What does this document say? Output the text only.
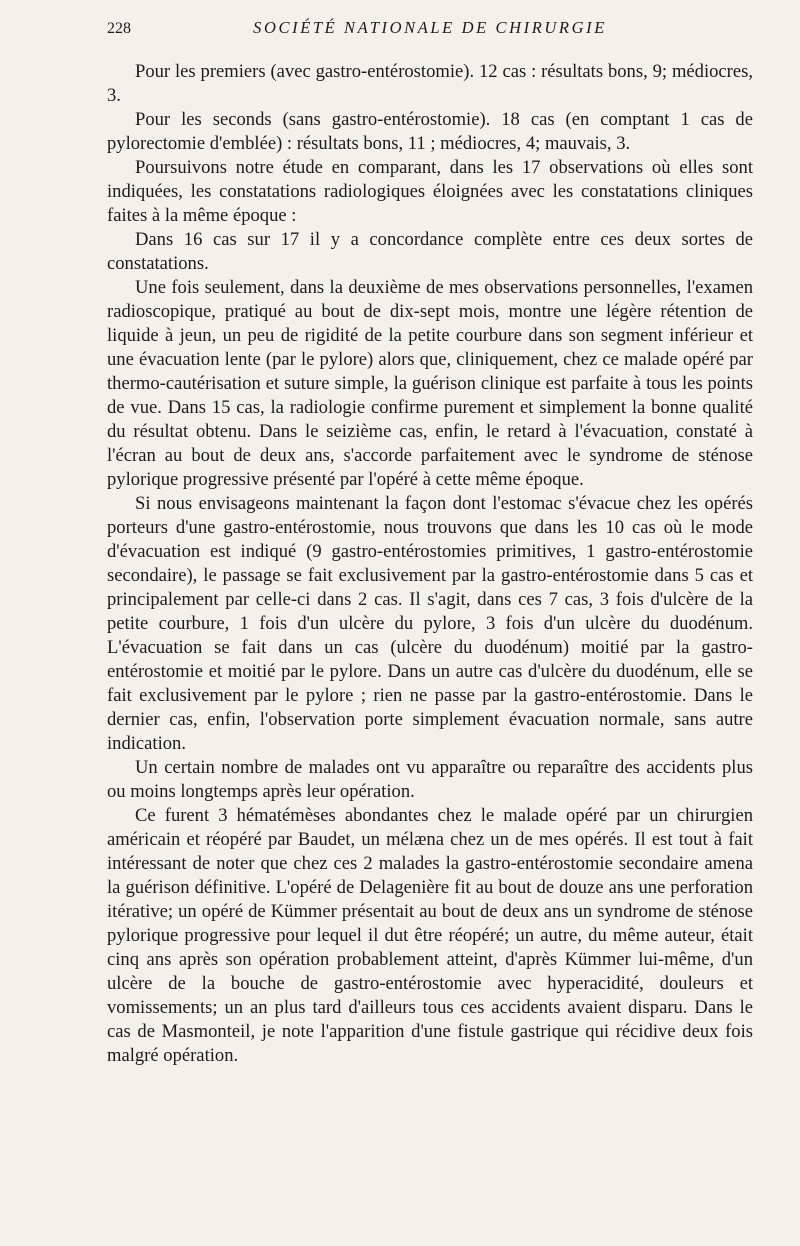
228	SOCIÉTÉ NATIONALE DE CHIRURGIE

Pour les premiers (avec gastro-entérostomie). 12 cas : résultats bons, 9; médiocres, 3.

Pour les seconds (sans gastro-entérostomie). 18 cas (en comptant 1 cas de pylorectomie d'emblée) : résultats bons, 11 ; médiocres, 4; mauvais, 3.

Poursuivons notre étude en comparant, dans les 17 observations où elles sont indiquées, les constatations radiologiques éloignées avec les constatations cliniques faites à la même époque :

Dans 16 cas sur 17 il y a concordance complète entre ces deux sortes de constatations.

Une fois seulement, dans la deuxième de mes observations personnelles, l'examen radioscopique, pratiqué au bout de dix-sept mois, montre une légère rétention de liquide à jeun, un peu de rigidité de la petite courbure dans son segment inférieur et une évacuation lente (par le pylore) alors que, cliniquement, chez ce malade opéré par thermo-cautérisation et suture simple, la guérison clinique est parfaite à tous les points de vue. Dans 15 cas, la radiologie confirme purement et simplement la bonne qualité du résultat obtenu. Dans le seizième cas, enfin, le retard à l'évacuation, constaté à l'écran au bout de deux ans, s'accorde parfaitement avec le syndrome de sténose pylorique progressive présenté par l'opéré à cette même époque.

Si nous envisageons maintenant la façon dont l'estomac s'évacue chez les opérés porteurs d'une gastro-entérostomie, nous trouvons que dans les 10 cas où le mode d'évacuation est indiqué (9 gastro-entérostomies primitives, 1 gastro-entérostomie secondaire), le passage se fait exclusivement par la gastro-entérostomie dans 5 cas et principalement par celle-ci dans 2 cas. Il s'agit, dans ces 7 cas, 3 fois d'ulcère de la petite courbure, 1 fois d'un ulcère du pylore, 3 fois d'un ulcère du duodénum. L'évacuation se fait dans un cas (ulcère du duodénum) moitié par la gastro-entérostomie et moitié par le pylore. Dans un autre cas d'ulcère du duodénum, elle se fait exclusivement par le pylore ; rien ne passe par la gastro-entérostomie. Dans le dernier cas, enfin, l'observation porte simplement évacuation normale, sans autre indication.

Un certain nombre de malades ont vu apparaître ou reparaître des accidents plus ou moins longtemps après leur opération.

Ce furent 3 hématémèses abondantes chez le malade opéré par un chirurgien américain et réopéré par Baudet, un mélæna chez un de mes opérés. Il est tout à fait intéressant de noter que chez ces 2 malades la gastro-entérostomie secondaire amena la guérison définitive. L'opéré de Delagenière fit au bout de douze ans une perforation itérative; un opéré de Kümmer présentait au bout de deux ans un syndrome de sténose pylorique progressive pour lequel il dut être réopéré; un autre, du même auteur, était cinq ans après son opération probablement atteint, d'après Kümmer lui-même, d'un ulcère de la bouche de gastro-entérostomie avec hyperacidité, douleurs et vomissements; un an plus tard d'ailleurs tous ces accidents avaient disparu. Dans le cas de Masmonteil, je note l'apparition d'une fistule gastrique qui récidive deux fois malgré opération.
